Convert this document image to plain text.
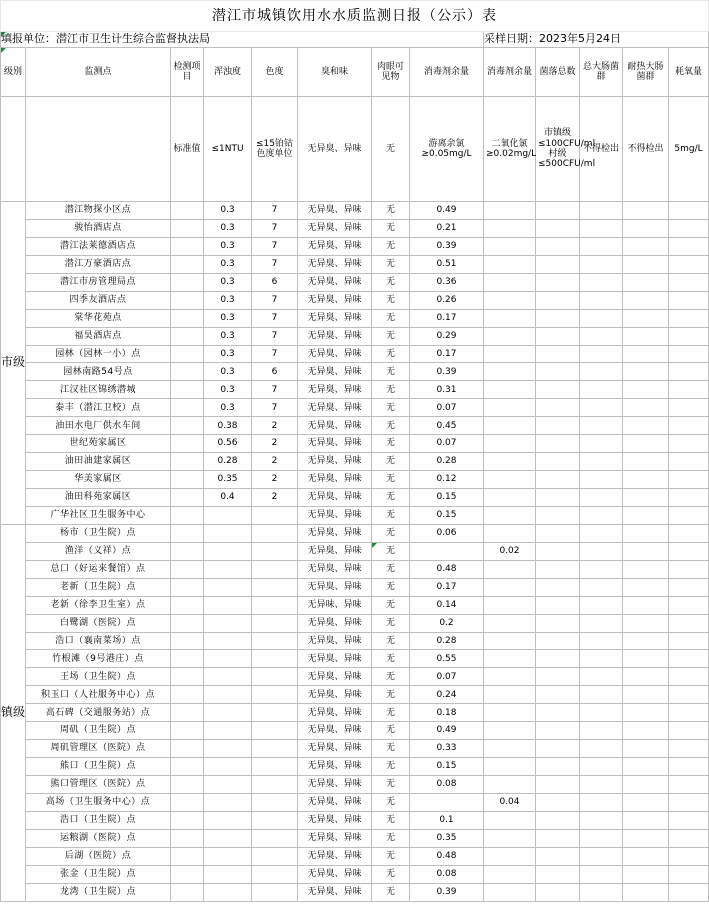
潜江市城镇饮用水水质监测日报（公示）表												
填报单位：潜江市卫生计生综合监督执法局								采样日期：2023年5月24日				
级别	监测点	检测项目	浑浊度	色度	臭和味	肉眼可见物	消毒剂余量	消毒剂余量	菌落总数	总大肠菌群	耐热大肠菌群	耗氧量
		标准值	≤1NTU	≤15铂钴色度单位	无异臭、异味	无	游离余氯≥0.05mg/L	二氧化氯≥0.02mg/L	市镇级≤100CFU/ml 村级≤500CFU/ml	不得检出	不得检出	5mg/L
市级	潜江物探小区点		0.3	7	无异臭、异味	无	0.49					
	骏怡酒店点		0.3	7	无异臭、异味	无	0.21					
	潜江法莱德酒店点		0.3	7	无异臭、异味	无	0.39					
	潜江万豪酒店点		0.3	7	无异臭、异味	无	0.51					
	潜江市房管理局点		0.3	6	无异臭、异味	无	0.36					
	四季友酒店点		0.3	7	无异臭、异味	无	0.26					
	棠华花苑点		0.3	7	无异臭、异味	无	0.17					
	福昊酒店点		0.3	7	无异臭、异味	无	0.29					
	园林（园林一小）点		0.3	7	无异臭、异味	无	0.17					
	园林南路54号点		0.3	6	无异臭、异味	无	0.39					
	江汉社区锦绣潜城		0.3	7	无异臭、异味	无	0.31					
	泰丰（潜江卫校）点		0.3	7	无异臭、异味	无	0.07					
	油田水电厂供水车间		0.38	2	无异臭、异味	无	0.45					
	世纪苑家属区		0.56	2	无异臭、异味	无	0.07					
	油田油建家属区		0.28	2	无异臭、异味	无	0.28					
	华美家属区		0.35	2	无异臭、异味	无	0.12					
	油田科苑家属区		0.4	2	无异臭、异味	无	0.15					
	广华社区卫生服务中心				无异臭、异味	无	0.15					
镇级	杨市（卫生院）点				无异臭、异味	无	0.06					
	渔洋（义祥）点				无异臭、异味	无		0.02				
	总口（好运来餐馆）点				无异臭、异味	无	0.48					
	老新（卫生院）点				无异臭、异味	无	0.17					
	老新（徐李卫生室）点				无异味、异味	无	0.14					
	白鹭湖（医院）点				无异臭、异味	无	0.2					
	浩口（襄南菜场）点				无异臭、异味	无	0.28					
	竹根滩（9号港庄）点				无异臭、异味	无	0.55					
	王场（卫生院）点				无异臭、异味	无	0.07					
	积玉口（人社服务中心）点				无异臭、异味	无	0.24					
	高石碑（交通服务站）点				无异臭、异味	无	0.18					
	周矶（卫生院）点				无异臭、异味	无	0.49					
	周矶管理区（医院）点				无异臭、异味	无	0.33					
	熊口（卫生院）点				无异臭、异味	无	0.15					
	熊口管理区（医院）点				无异臭、异味	无	0.08					
	高场（卫生服务中心）点				无异臭、异味	无		0.04				
	浩口（卫生院）点				无异臭、异味	无	0.1					
	运粮湖（医院）点				无异臭、异味	无	0.35					
	后湖（医院）点				无异臭、异味	无	0.48					
	张金（卫生院）点				无异臭、异味	无	0.08					
	龙湾（卫生院）点				无异臭、异味	无	0.39					
